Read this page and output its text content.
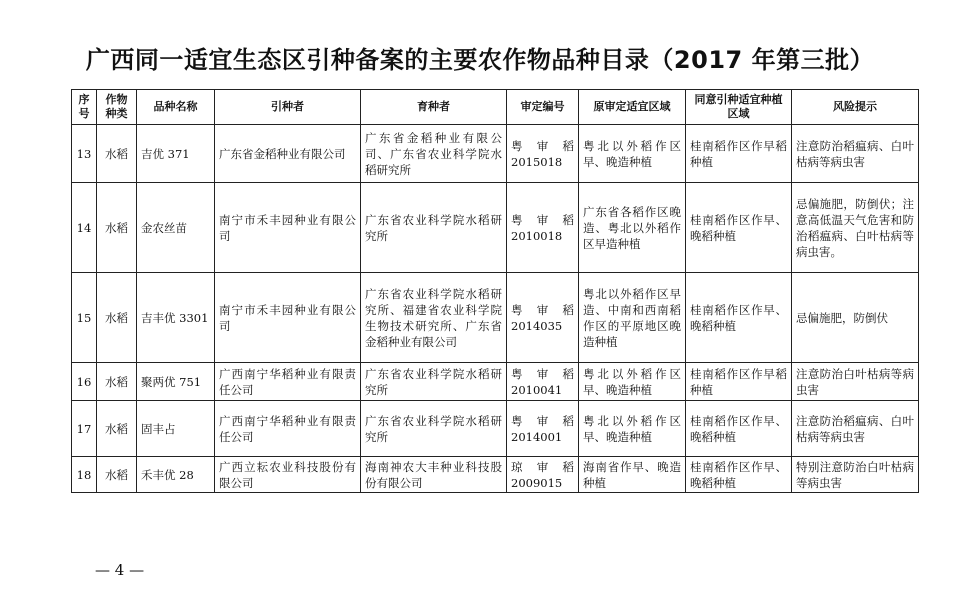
广西同一适宜生态区引种备案的主要农作物品种目录（2017 年第三批）
序号	作物种类	品种名称	引种者	育种者	审定编号	原审定适宜区域	同意引种适宜种植区域	风险提示
13	水稻	吉优 371	广东省金稻种业有限公司	广东省金稻种业有限公司、广东省农业科学院水稻研究所	粤审稻2015018	粤北以外稻作区早、晚造种植	桂南稻作区作早稻种植	注意防治稻瘟病、白叶枯病等病虫害
14	水稻	金农丝苗	南宁市禾丰园种业有限公司	广东省农业科学院水稻研究所	粤审稻2010018	广东省各稻作区晚造、粤北以外稻作区早造种植	桂南稻作区作早、晚稻种植	忌偏施肥，防倒伏；注意高低温天气危害和防治稻瘟病、白叶枯病等病虫害。
15	水稻	吉丰优 3301	南宁市禾丰园种业有限公司	广东省农业科学院水稻研究所、福建省农业科学院生物技术研究所、广东省金稻种业有限公司	粤审稻2014035	粤北以外稻作区早造、中南和西南稻作区的平原地区晚造种植	桂南稻作区作早、晚稻种植	忌偏施肥，防倒伏
16	水稻	聚两优 751	广西南宁华稻种业有限责任公司	广东省农业科学院水稻研究所	粤审稻2010041	粤北以外稻作区早、晚造种植	桂南稻作区作早稻种植	注意防治白叶枯病等病虫害
17	水稻	固丰占	广西南宁华稻种业有限责任公司	广东省农业科学院水稻研究所	粤审稻2014001	粤北以外稻作区早、晚造种植	桂南稻作区作早、晚稻种植	注意防治稻瘟病、白叶枯病等病虫害
18	水稻	禾丰优 28	广西立耘农业科技股份有限公司	海南神农大丰种业科技股份有限公司	琼审稻2009015	海南省作早、晚造种植	桂南稻作区作早、晚稻种植	特别注意防治白叶枯病等病虫害
— 4 —
